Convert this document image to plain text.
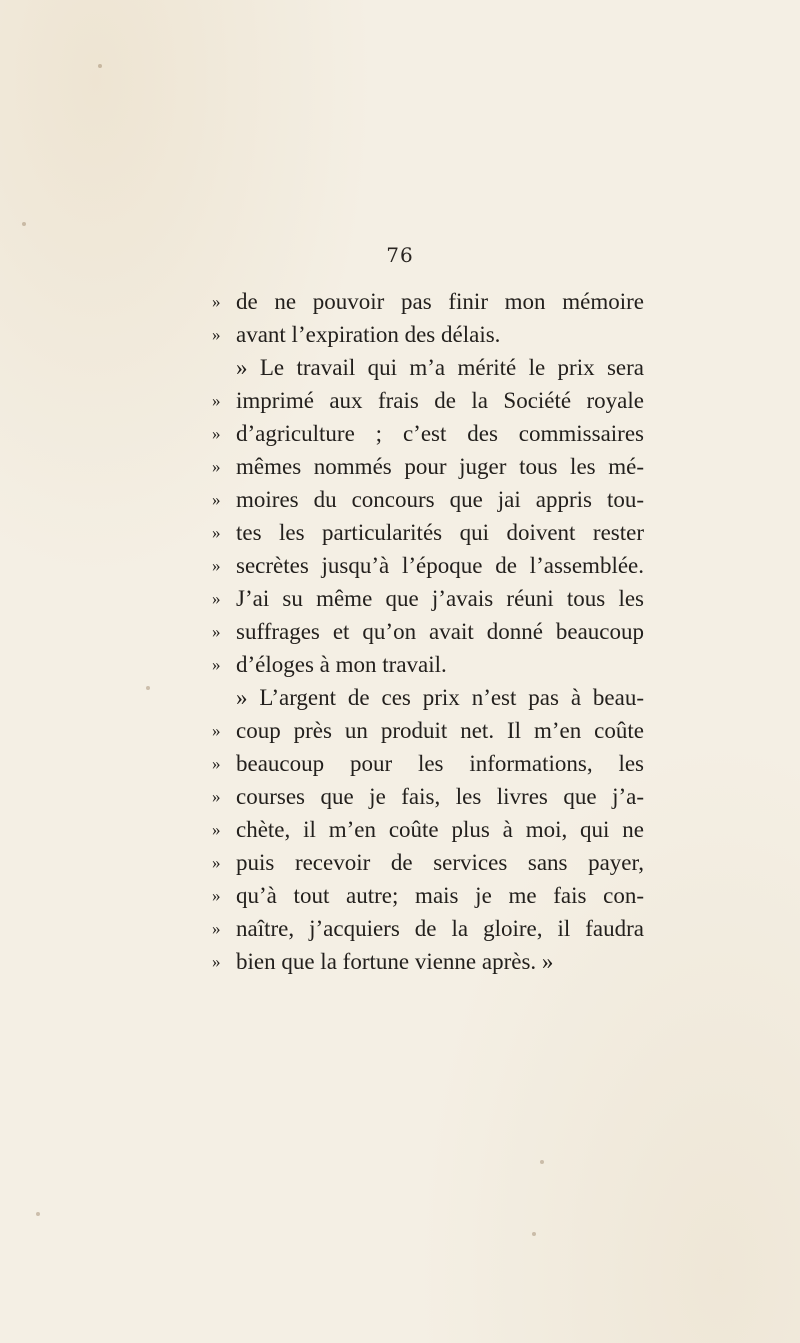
76
» de ne pouvoir pas finir mon mémoire
» avant l’expiration des délais.
» Le travail qui m’a mérité le prix sera
» imprimé aux frais de la Société royale
» d’agriculture ; c’est des commissaires
» mêmes nommés pour juger tous les mé-
» moires du concours que jai appris tou-
» tes les particularités qui doivent rester
» secrètes jusqu’à l’époque de l’assemblée.
» J’ai su même que j’avais réuni tous les
» suffrages et qu’on avait donné beaucoup
» d’éloges à mon travail.
» L’argent de ces prix n’est pas à beau-
» coup près un produit net. Il m’en coûte
» beaucoup pour les informations, les
» courses que je fais, les livres que j’a-
» chète, il m’en coûte plus à moi, qui ne
» puis recevoir de services sans payer,
» qu’à tout autre; mais je me fais con-
» naître, j’acquiers de la gloire, il faudra
» bien que la fortune vienne après. »
